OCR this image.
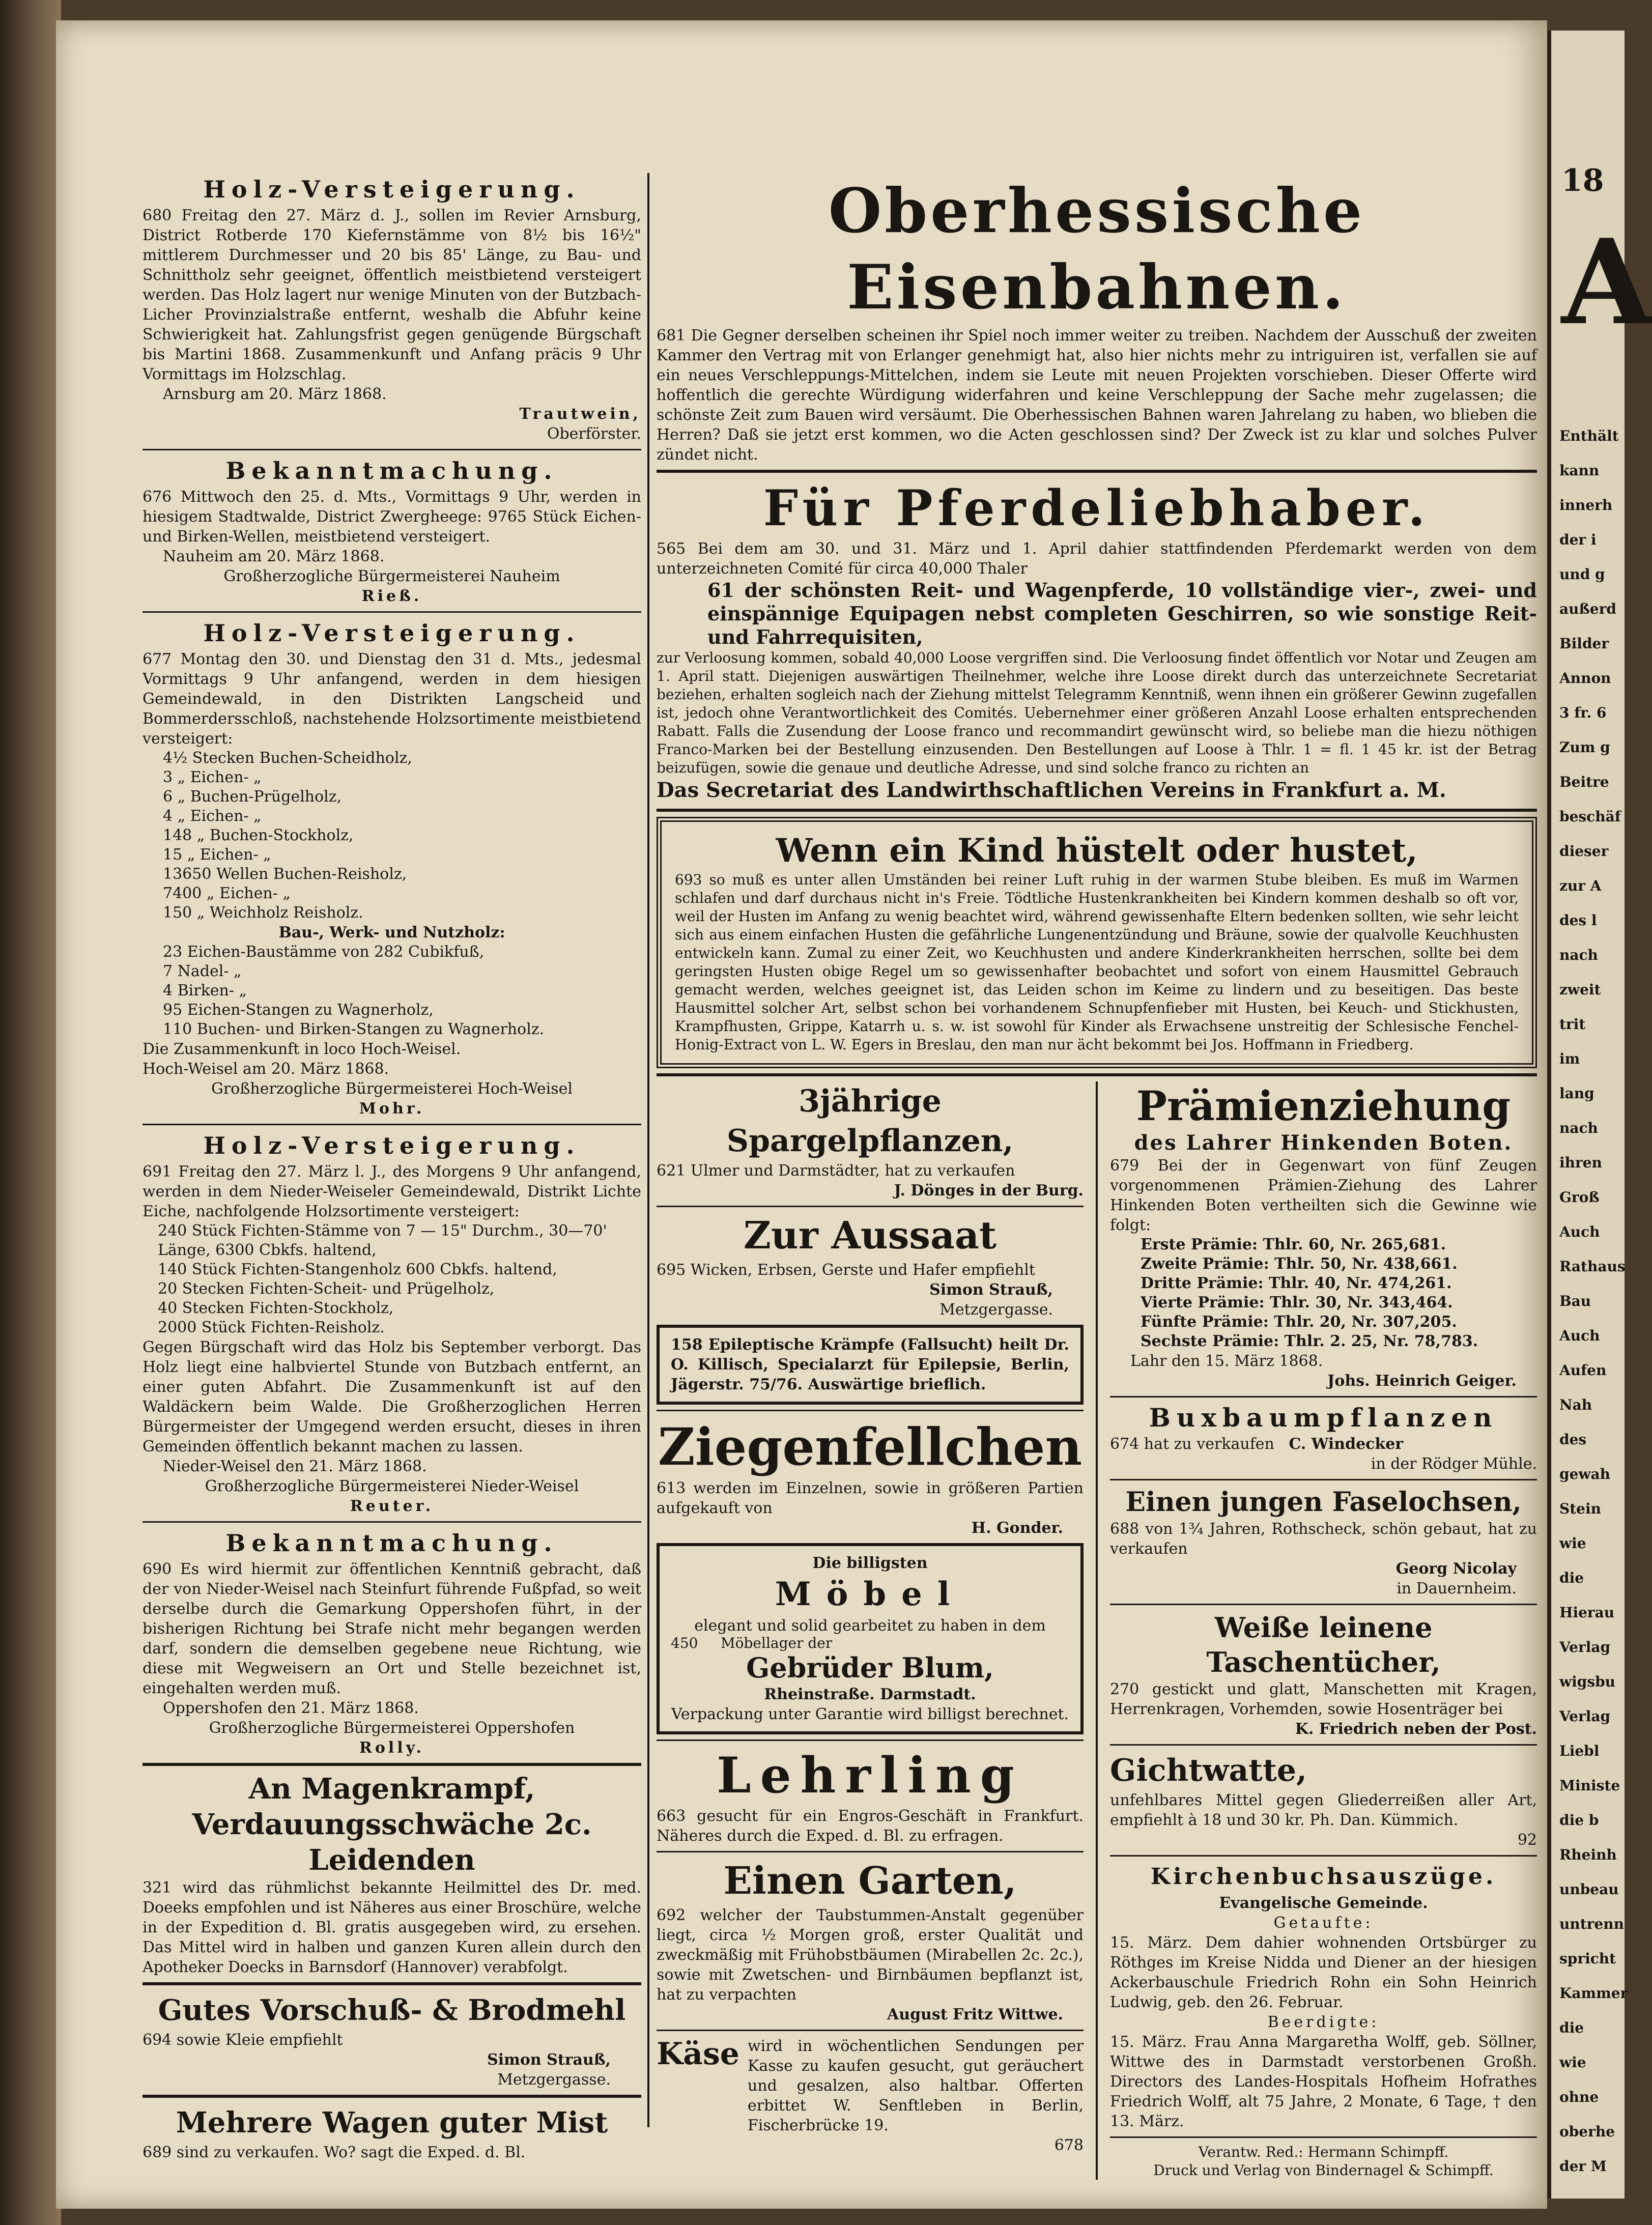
Holz-Versteigerung.

680 Freitag den 27. März d. J., sollen im Revier Arnsburg, District Rotberde 170 Kiefernstämme von 8½ bis 16½" mittlerem Durchmesser und 20 bis 85' Länge, zu Bau- und Schnittholz sehr geeignet, öffentlich meistbietend versteigert werden. Das Holz lagert nur wenige Minuten von der Butzbach-Licher Provinzialstraße entfernt, weshalb die Abfuhr keine Schwierigkeit hat. Zahlungsfrist gegen genügende Bürgschaft bis Martini 1868. Zusammenkunft und Anfang präcis 9 Uhr Vormittags im Holzschlag.

Arnsburg am 20. März 1868.

Trautwein,

Oberförster.

Bekanntmachung.

676 Mittwoch den 25. d. Mts., Vormittags 9 Uhr, werden in hiesigem Stadtwalde, District Zwergheege: 9765 Stück Eichen- und Birken-Wellen, meistbietend versteigert.

Nauheim am 20. März 1868.

Großherzogliche Bürgermeisterei Nauheim

Rieß.

Holz-Versteigerung.

677 Montag den 30. und Dienstag den 31 d. Mts., jedesmal Vormittags 9 Uhr anfangend, werden in dem hiesigen Gemeindewald, in den Distrikten Langscheid und Bommerdersschloß, nachstehende Holzsortimente meistbietend versteigert:

4½ Stecken Buchen-Scheidholz,
3 „ Eichen- „
6 „ Buchen-Prügelholz,
4 „ Eichen- „
148 „ Buchen-Stockholz,
15 „ Eichen- „
13650 Wellen Buchen-Reisholz,
7400 „ Eichen- „
150 „ Weichholz Reisholz.

Bau-, Werk- und Nutzholz:

23 Eichen-Baustämme von 282 Cubikfuß,
7 Nadel- „
4 Birken- „
95 Eichen-Stangen zu Wagnerholz,
110 Buchen- und Birken-Stangen zu Wagnerholz.

Die Zusammenkunft in loco Hoch-Weisel.

Hoch-Weisel am 20. März 1868.

Großherzogliche Bürgermeisterei Hoch-Weisel

Mohr.

Holz-Versteigerung.

691 Freitag den 27. März l. J., des Morgens 9 Uhr anfangend, werden in dem Nieder-Weiseler Gemeindewald, Distrikt Lichte Eiche, nachfolgende Holzsortimente versteigert:

240 Stück Fichten-Stämme von 7 — 15" Durchm., 30—70' Länge, 6300 Cbkfs. haltend,
140 Stück Fichten-Stangenholz 600 Cbkfs. haltend,
20 Stecken Fichten-Scheit- und Prügelholz,
40 Stecken Fichten-Stockholz,
2000 Stück Fichten-Reisholz.

Gegen Bürgschaft wird das Holz bis September verborgt. Das Holz liegt eine halbviertel Stunde von Butzbach entfernt, an einer guten Abfahrt. Die Zusammenkunft ist auf den Waldäckern beim Walde. Die Großherzoglichen Herren Bürgermeister der Umgegend werden ersucht, dieses in ihren Gemeinden öffentlich bekannt machen zu lassen.

Nieder-Weisel den 21. März 1868.

Großherzogliche Bürgermeisterei Nieder-Weisel

Reuter.

Bekanntmachung.

690 Es wird hiermit zur öffentlichen Kenntniß gebracht, daß der von Nieder-Weisel nach Steinfurt führende Fußpfad, so weit derselbe durch die Gemarkung Oppershofen führt, in der bisherigen Richtung bei Strafe nicht mehr begangen werden darf, sondern die demselben gegebene neue Richtung, wie diese mit Wegweisern an Ort und Stelle bezeichnet ist, eingehalten werden muß.

Oppershofen den 21. März 1868.

Großherzogliche Bürgermeisterei Oppershofen

Rolly.

An Magenkrampf, Verdauungsschwäche 2c. Leidenden

321 wird das rühmlichst bekannte Heilmittel des Dr. med. Doeeks empfohlen und ist Näheres aus einer Broschüre, welche in der Expedition d. Bl. gratis ausgegeben wird, zu ersehen. Das Mittel wird in halben und ganzen Kuren allein durch den Apotheker Doecks in Barnsdorf (Hannover) verabfolgt.

Gutes Vorschuß- & Brodmehl

694 sowie Kleie empfiehlt

Simon Strauß,

Metzgergasse.

Mehrere Wagen guter Mist

689 sind zu verkaufen. Wo? sagt die Exped. d. Bl.

Oberhessische Eisenbahnen.

681 Die Gegner derselben scheinen ihr Spiel noch immer weiter zu treiben. Nachdem der Ausschuß der zweiten Kammer den Vertrag mit von Erlanger genehmigt hat, also hier nichts mehr zu intriguiren ist, verfallen sie auf ein neues Verschleppungs-Mittelchen, indem sie Leute mit neuen Projekten vorschieben. Dieser Offerte wird hoffentlich die gerechte Würdigung widerfahren und keine Verschleppung der Sache mehr zugelassen; die schönste Zeit zum Bauen wird versäumt. Die Oberhessischen Bahnen waren Jahrelang zu haben, wo blieben die Herren? Daß sie jetzt erst kommen, wo die Acten geschlossen sind? Der Zweck ist zu klar und solches Pulver zündet nicht.

Für Pferdeliebhaber.

565 Bei dem am 30. und 31. März und 1. April dahier stattfindenden Pferdemarkt werden von dem unterzeichneten Comité für circa 40,000 Thaler

61 der schönsten Reit- und Wagenpferde, 10 vollständige vier-, zwei- und einspännige Equipagen nebst completen Geschirren, so wie sonstige Reit- und Fahrrequisiten,

zur Verloosung kommen, sobald 40,000 Loose vergriffen sind. Die Verloosung findet öffentlich vor Notar und Zeugen am 1. April statt. Diejenigen auswärtigen Theilnehmer, welche ihre Loose direkt durch das unterzeichnete Secretariat beziehen, erhalten sogleich nach der Ziehung mittelst Telegramm Kenntniß, wenn ihnen ein größerer Gewinn zugefallen ist, jedoch ohne Verantwortlichkeit des Comités. Uebernehmer einer größeren Anzahl Loose erhalten entsprechenden Rabatt. Falls die Zusendung der Loose franco und recommandirt gewünscht wird, so beliebe man die hiezu nöthigen Franco-Marken bei der Bestellung einzusenden. Den Bestellungen auf Loose à Thlr. 1 = fl. 1 45 kr. ist der Betrag beizufügen, sowie die genaue und deutliche Adresse, und sind solche franco zu richten an

Das Secretariat des Landwirthschaftlichen Vereins in Frankfurt a. M.

Wenn ein Kind hüstelt oder hustet,

693 so muß es unter allen Umständen bei reiner Luft ruhig in der warmen Stube bleiben. Es muß im Warmen schlafen und darf durchaus nicht in's Freie. Tödtliche Hustenkrankheiten bei Kindern kommen deshalb so oft vor, weil der Husten im Anfang zu wenig beachtet wird, während gewissenhafte Eltern bedenken sollten, wie sehr leicht sich aus einem einfachen Husten die gefährliche Lungenentzündung und Bräune, sowie der qualvolle Keuchhusten entwickeln kann. Zumal zu einer Zeit, wo Keuchhusten und andere Kinderkrankheiten herrschen, sollte bei dem geringsten Husten obige Regel um so gewissenhafter beobachtet und sofort von einem Hausmittel Gebrauch gemacht werden, welches geeignet ist, das Leiden schon im Keime zu lindern und zu beseitigen. Das beste Hausmittel solcher Art, selbst schon bei vorhandenem Schnupfenfieber mit Husten, bei Keuch- und Stickhusten, Krampfhusten, Grippe, Katarrh u. s. w. ist sowohl für Kinder als Erwachsene unstreitig der Schlesische Fenchel-Honig-Extract von L. W. Egers in Breslau, den man nur ächt bekommt bei Jos. Hoffmann in Friedberg.

3jährige Spargelpflanzen,

621 Ulmer und Darmstädter, hat zu verkaufen

J. Dönges in der Burg.

Zur Aussaat

695 Wicken, Erbsen, Gerste und Hafer empfiehlt

Simon Strauß,

Metzgergasse.

158 Epileptische Krämpfe (Fallsucht) heilt Dr. O. Killisch, Specialarzt für Epilepsie, Berlin, Jägerstr. 75/76. Auswärtige brieflich.

Ziegenfellchen

613 werden im Einzelnen, sowie in größeren Partien aufgekauft von

H. Gonder.

Die billigsten

Möbel

elegant und solid gearbeitet zu haben in dem

450 Möbellager der

Gebrüder Blum,

Rheinstraße. Darmstadt.

Verpackung unter Garantie wird billigst berechnet.

Lehrling

663 gesucht für ein Engros-Geschäft in Frankfurt. Näheres durch die Exped. d. Bl. zu erfragen.

Einen Garten,

692 welcher der Taubstummen-Anstalt gegenüber liegt, circa ½ Morgen groß, erster Qualität und zweckmäßig mit Frühobstbäumen (Mirabellen 2c. 2c.), sowie mit Zwetschen- und Birnbäumen bepflanzt ist, hat zu verpachten

August Fritz Wittwe.

Käse wird in wöchentlichen Sendungen per Kasse zu kaufen gesucht, gut geräuchert und gesalzen, also haltbar. Offerten erbittet W. Senftleben in Berlin, Fischerbrücke 19.

678

Prämienziehung

des Lahrer Hinkenden Boten.

679 Bei der in Gegenwart von fünf Zeugen vorgenommenen Prämien-Ziehung des Lahrer Hinkenden Boten vertheilten sich die Gewinne wie folgt:

Erste Prämie: Thlr. 60, Nr. 265,681.
Zweite Prämie: Thlr. 50, Nr. 438,661.
Dritte Prämie: Thlr. 40, Nr. 474,261.
Vierte Prämie: Thlr. 30, Nr. 343,464.
Fünfte Prämie: Thlr. 20, Nr. 307,205.
Sechste Prämie: Thlr. 2. 25, Nr. 78,783.

Lahr den 15. März 1868.

Johs. Heinrich Geiger.

Buxbaumpflanzen

674 hat zu verkaufen C. Windecker

in der Rödger Mühle.

Einen jungen Faselochsen,

688 von 1¾ Jahren, Rothscheck, schön gebaut, hat zu verkaufen

Georg Nicolay

in Dauernheim.

Weiße leinene Taschentücher,

270 gestickt und glatt, Manschetten mit Kragen, Herrenkragen, Vorhemden, sowie Hosenträger bei

K. Friedrich neben der Post.

Gichtwatte,

unfehlbares Mittel gegen Gliederreißen aller Art, empfiehlt à 18 und 30 kr. Ph. Dan. Kümmich.

92

Kirchenbuchsauszüge.

Evangelische Gemeinde.

Getaufte:

15. März. Dem dahier wohnenden Ortsbürger zu Röthges im Kreise Nidda und Diener an der hiesigen Ackerbauschule Friedrich Rohn ein Sohn Heinrich Ludwig, geb. den 26. Februar.

Beerdigte:

15. März. Frau Anna Margaretha Wolff, geb. Söllner, Wittwe des in Darmstadt verstorbenen Großh. Directors des Landes-Hospitals Hofheim Hofrathes Friedrich Wolff, alt 75 Jahre, 2 Monate, 6 Tage, † den 13. März.

Verantw. Red.: Hermann Schimpff.

Druck und Verlag von Bindernagel & Schimpff.

18
A
Enthält
kann
innerh
der i
und g
außerd
Bilder
Annon
3 fr. 6
Zum g
Beitre
beschäf
dieser
zur A
des l
nach
zweit
trit
im
lang
nach
ihren
Groß
Auch
Rathaus
Bau
Auch
Aufen
Nah
des
gewah
Stein
wie
die
Hierau
Verlag
wigsbu
Verlag
Liebl
Ministe
die b
Rheinh
unbeau
untrenn
spricht
Kammer
die
wie
ohne
oberhe
der M
